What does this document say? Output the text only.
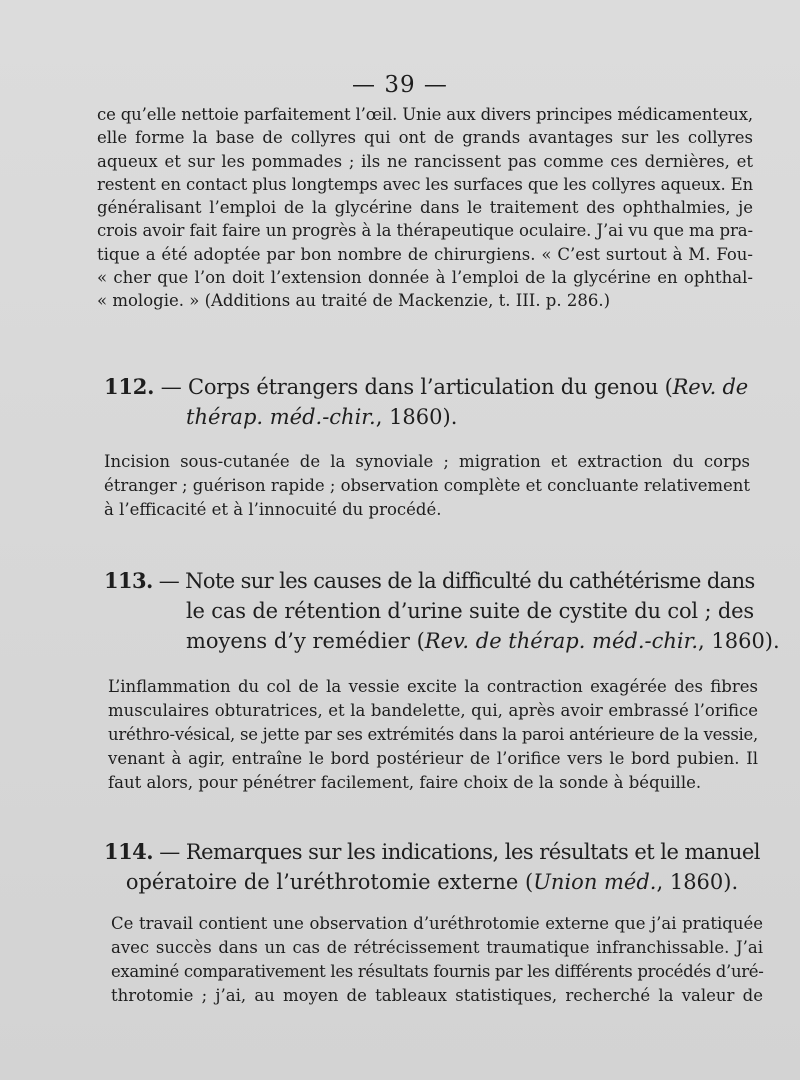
— 39 —

ce qu’elle nettoie parfaitement l’œil. Unie aux divers principes médicamenteux,
elle forme la base de collyres qui ont de grands avantages sur les collyres
aqueux et sur les pommades ; ils ne rancissent pas comme ces dernières, et
restent en contact plus longtemps avec les surfaces que les collyres aqueux. En
généralisant l’emploi de la glycérine dans le traitement des ophthalmies, je
crois avoir fait faire un progrès à la thérapeutique oculaire. J’ai vu que ma pra-
tique a été adoptée par bon nombre de chirurgiens. « C’est surtout à M. Fou-
« cher que l’on doit l’extension donnée à l’emploi de la glycérine en ophthal-
« mologie. » (Additions au traité de Mackenzie, t. III. p. 286.)

112. — Corps étrangers dans l’articulation du genou (Rev. de
thérap. méd.-chir., 1860).

Incision sous-cutanée de la synoviale ; migration et extraction du corps
étranger ; guérison rapide ; observation complète et concluante relativement
à l’efficacité et à l’innocuité du procédé.

113. — Note sur les causes de la difficulté du cathétérisme dans
le cas de rétention d’urine suite de cystite du col ; des
moyens d’y remédier (Rev. de thérap. méd.-chir., 1860).

L’inflammation du col de la vessie excite la contraction exagérée des fibres
musculaires obturatrices, et la bandelette, qui, après avoir embrassé l’orifice
uréthro-vésical, se jette par ses extrémités dans la paroi antérieure de la vessie,
venant à agir, entraîne le bord postérieur de l’orifice vers le bord pubien. Il
faut alors, pour pénétrer facilement, faire choix de la sonde à béquille.

114. — Remarques sur les indications, les résultats et le manuel
opératoire de l’uréthrotomie externe (Union méd., 1860).

Ce travail contient une observation d’uréthrotomie externe que j’ai pratiquée
avec succès dans un cas de rétrécissement traumatique infranchissable. J’ai
examiné comparativement les résultats fournis par les différents procédés d’uré-
throtomie ; j’ai, au moyen de tableaux statistiques, recherché la valeur de
